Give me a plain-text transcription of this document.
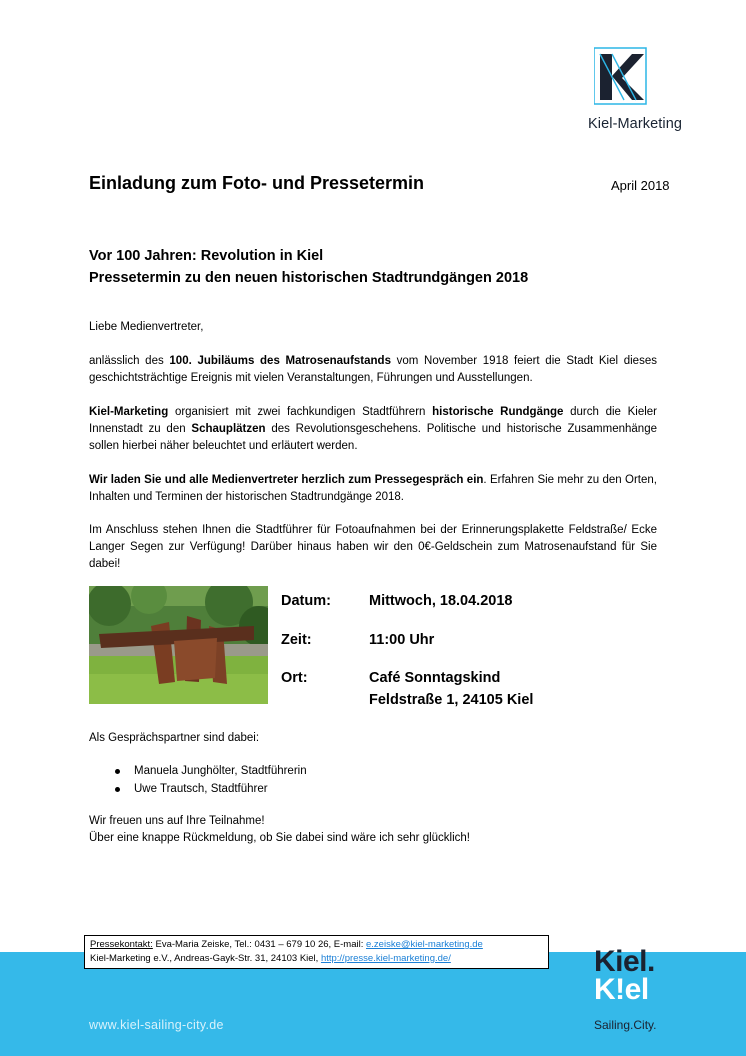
Kiel-Marketing
Einladung zum Foto- und Pressetermin	April 2018
Vor 100 Jahren: Revolution in Kiel
Pressetermin zu den neuen historischen Stadtrundgängen 2018
Liebe Medienvertreter,
anlässlich des 100. Jubiläums des Matrosenaufstands vom November 1918 feiert die Stadt Kiel dieses geschichtsträchtige Ereignis mit vielen Veranstaltungen, Führungen und Ausstellungen.
Kiel-Marketing organisiert mit zwei fachkundigen Stadtführern historische Rundgänge durch die Kieler Innenstadt zu den Schauplätzen des Revolutionsgeschehens. Politische und historische Zusammenhänge sollen hierbei näher beleuchtet und erläutert werden.
Wir laden Sie und alle Medienvertreter herzlich zum Pressegespräch ein. Erfahren Sie mehr zu den Orten, Inhalten und Terminen der historischen Stadtrundgänge 2018.
Im Anschluss stehen Ihnen die Stadtführer für Fotoaufnahmen bei der Erinnerungsplakette Feldstraße/ Ecke Langer Segen zur Verfügung! Darüber hinaus haben wir den 0€-Geldschein zum Matrosenaufstand für Sie dabei!
Datum:	Mittwoch, 18.04.2018
Zeit:	11:00 Uhr
Ort:	Café Sonntagskind
Feldstraße 1, 24105 Kiel
Als Gesprächspartner sind dabei:
Manuela Junghölter, Stadtführerin
Uwe Trautsch, Stadtführer
Wir freuen uns auf Ihre Teilnahme!
Über eine knappe Rückmeldung, ob Sie dabei sind wäre ich sehr glücklich!
Pressekontakt: Eva-Maria Zeiske, Tel.: 0431 – 679 10 26, E-mail: e.zeiske@kiel-marketing.de
Kiel-Marketing e.V., Andreas-Gayk-Str. 31, 24103 Kiel, http://presse.kiel-marketing.de/
www.kiel-sailing-city.de
Kiel.
K!el
Sailing.City.
